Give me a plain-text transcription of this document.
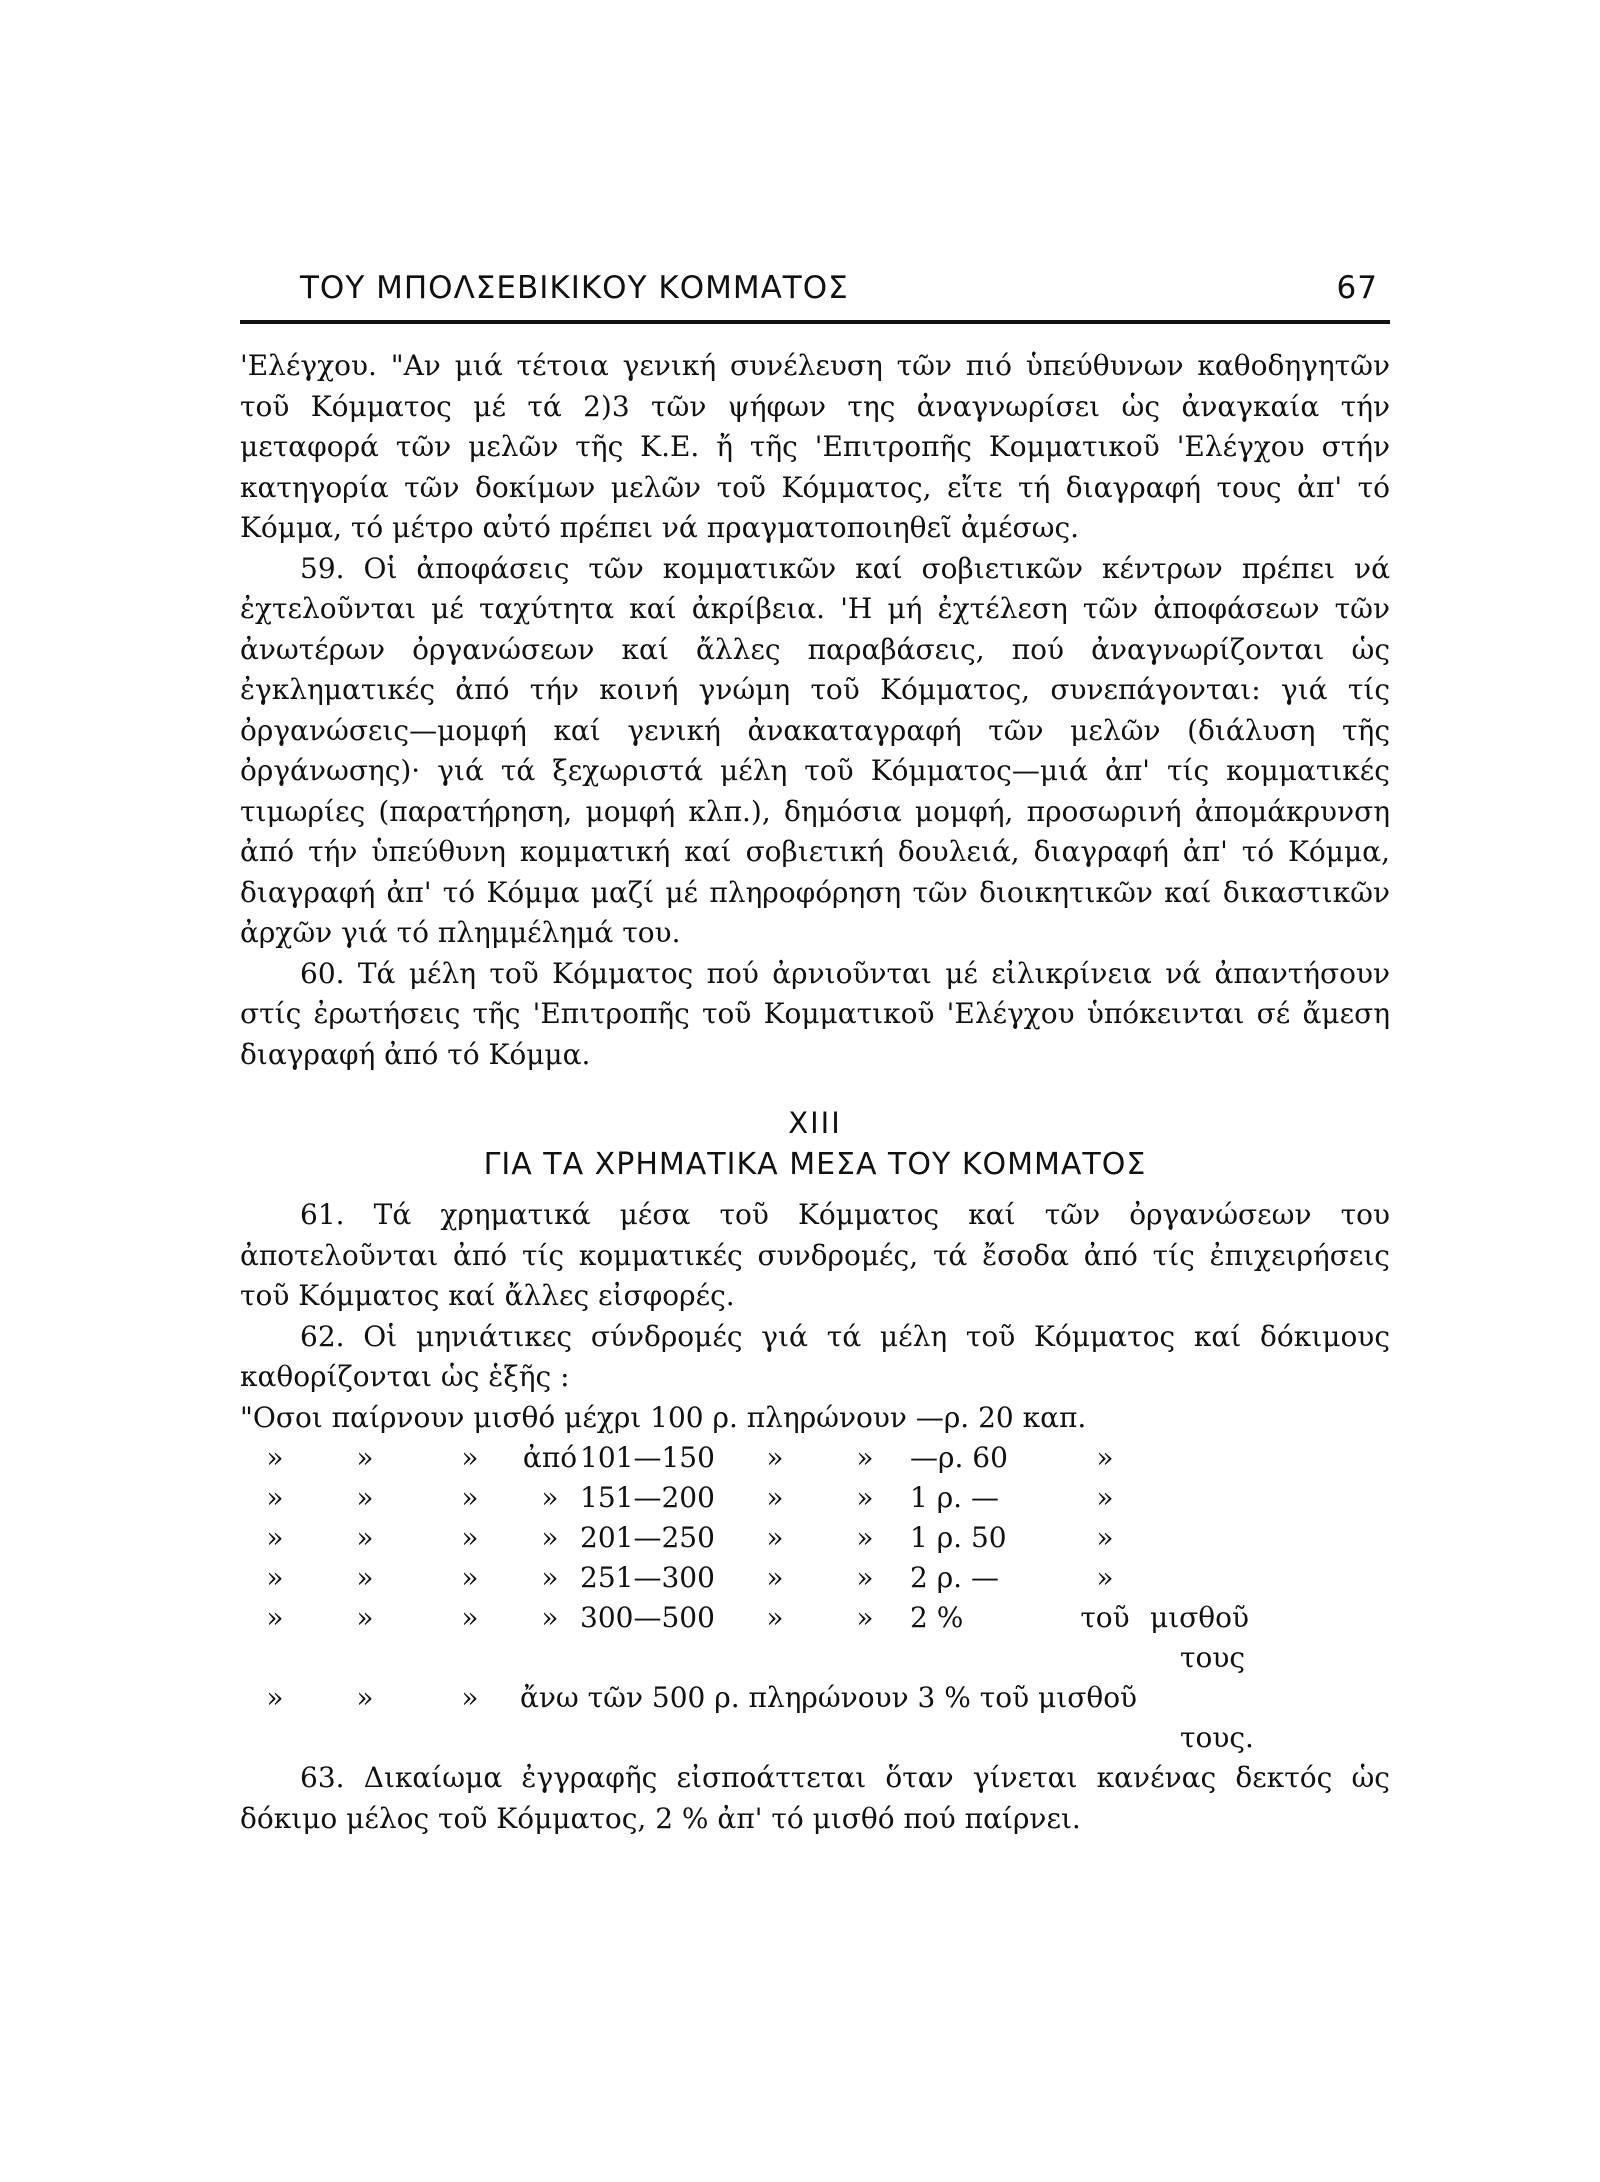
ΤΟΥ ΜΠΟΛΣΕΒΙΚΙΚΟΥ ΚΟΜΜΑΤΟΣ	67

'Ελέγχου. "Αν μιά τέτοια γενική συνέλευση τῶν πιό ὑπεύθυνων καθοδηγητῶν τοῦ Κόμματος μέ τά 2)3 τῶν ψήφων της ἀναγνωρίσει ὡς ἀναγκαία τήν μεταφορά τῶν μελῶν τῆς Κ.Ε. ἤ τῆς 'Επιτροπῆς Κομματικοῦ 'Ελέγχου στήν κατηγορία τῶν δοκίμων μελῶν τοῦ Κόμματος, εἴτε τή διαγραφή τους ἀπ' τό Κόμμα, τό μέτρο αὐτό πρέπει νά πραγματοποιηθεῖ ἀμέσως.

59. Οἱ ἀποφάσεις τῶν κομματικῶν καί σοβιετικῶν κέντρων πρέπει νά ἐχτελοῦνται μέ ταχύτητα καί ἀκρίβεια. 'Η μή ἐχτέλεση τῶν ἀποφάσεων τῶν ἀνωτέρων ὀργανώσεων καί ἄλλες παραβάσεις, πού ἀναγνωρίζονται ὡς ἐγκληματικές ἀπό τήν κοινή γνώμη τοῦ Κόμματος, συνεπάγονται: γιά τίς ὀργανώσεις—μομφή καί γενική ἀνακαταγραφή τῶν μελῶν (διάλυση τῆς ὀργάνωσης)· γιά τά ξεχωριστά μέλη τοῦ Κόμματος—μιά ἀπ' τίς κομματικές τιμωρίες (παρατήρηση, μομφή κλπ.), δημόσια μομφή, προσωρινή ἀπομάκρυνση ἀπό τήν ὑπεύθυνη κομματική καί σοβιετική δουλειά, διαγραφή ἀπ' τό Κόμμα, διαγραφή ἀπ' τό Κόμμα μαζί μέ πληροφόρηση τῶν διοικητικῶν καί δικαστικῶν ἀρχῶν γιά τό πλημμέλημά του.

60. Τά μέλη τοῦ Κόμματος πού ἀρνιοῦνται μέ εἰλικρίνεια νά ἀπαντήσουν στίς ἐρωτήσεις τῆς 'Επιτροπῆς τοῦ Κομματικοῦ 'Ελέγχου ὑπόκεινται σέ ἄμεση διαγραφή ἀπό τό Κόμμα.

XIII
ΓΙΑ ΤΑ ΧΡΗΜΑΤΙΚΑ ΜΕΣΑ ΤΟΥ ΚΟΜΜΑΤΟΣ

61. Τά χρηματικά μέσα τοῦ Κόμματος καί τῶν ὀργανώσεων του ἀποτελοῦνται ἀπό τίς κομματικές συνδρομές, τά ἔσοδα ἀπό τίς ἐπιχειρήσεις τοῦ Κόμματος καί ἄλλες εἰσφορές.

62. Οἱ μηνιάτικες σύνδρομές γιά τά μέλη τοῦ Κόμματος καί δόκιμους καθορίζονται ὡς ἑξῆς :

"Οσοι παίρνουν μισθό μέχρι 100 ρ. πληρώνουν —ρ. 20 καπ.
»	»	»	ἀπό	101—150	»	»	—ρ. 60	»	
»	»	»	»	151—200	»	»	1 ρ. —	»	
»	»	»	»	201—250	»	»	1 ρ. 50	»	
»	»	»	»	251—300	»	»	2 ρ. —	»	
»	»	»	»	300—500	»	»	2 %	τοῦ	μισθοῦ
									τους
»	»	»	ἄνω τῶν 500 ρ. πληρώνουν 3 % τοῦ μισθοῦ						
									τους.

63. Δικαίωμα ἐγγραφῆς εἰσποάττεται ὅταν γίνεται κανένας δεκτός ὡς δόκιμο μέλος τοῦ Κόμματος, 2 % ἀπ' τό μισθό πού παίρνει.
